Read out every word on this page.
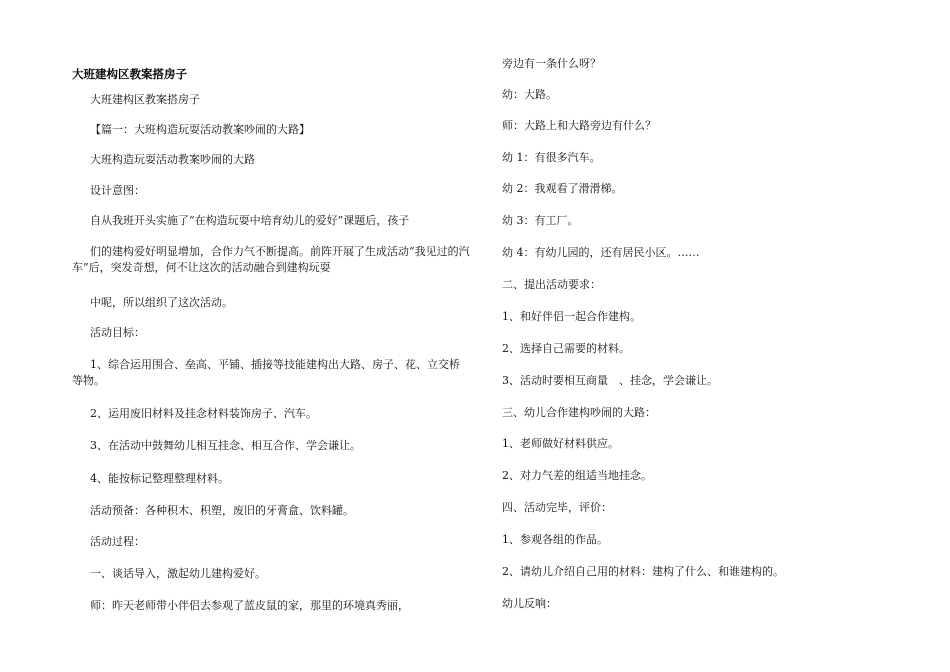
大班建构区教案搭房子
大班建构区教案搭房子
【篇一：大班构造玩耍活动教案吵闹的大路】
大班构造玩耍活动教案吵闹的大路
设计意图：
自从我班开头实施了“在构造玩耍中培育幼儿的爱好”课题后，孩子
们的建构爱好明显增加，合作力气不断提高。前阵开展了生成活动“我见过的汽车”后，突发奇想，何不让这次的活动融合到建构玩耍
中呢，所以组织了这次活动。
活动目标：
1、综合运用围合、垒高、平铺、插接等技能建构出大路、房子、花、立交桥等物。
2、运用废旧材料及挂念材料装饰房子、汽车。
3、在活动中鼓舞幼儿相互挂念、相互合作、学会谦让。
4、能按标记整理整理材料。
活动预备：各种积木、积塑，废旧的牙膏盒、饮料罐。
活动过程：
一、谈话导入，激起幼儿建构爱好。
师：昨天老师带小伴侣去参观了蓝皮鼠的家，那里的环境真秀丽，
旁边有一条什么呀？
幼：大路。
师：大路上和大路旁边有什么？
幼 1：有很多汽车。
幼 2：我观看了滑滑梯。
幼 3：有工厂。
幼 4：有幼儿园的，还有居民小区。……
二、提出活动要求：
1、和好伴侣一起合作建构。
2、选择自己需要的材料。
3、活动时要相互商量　、挂念，学会谦让。
三、幼儿合作建构吵闹的大路：
1、老师做好材料供应。
2、对力气差的组适当地挂念。
四、活动完毕，评价：
1、参观各组的作品。
2、请幼儿介绍自己用的材料：建构了什么、和谁建构的。
幼儿反响：
